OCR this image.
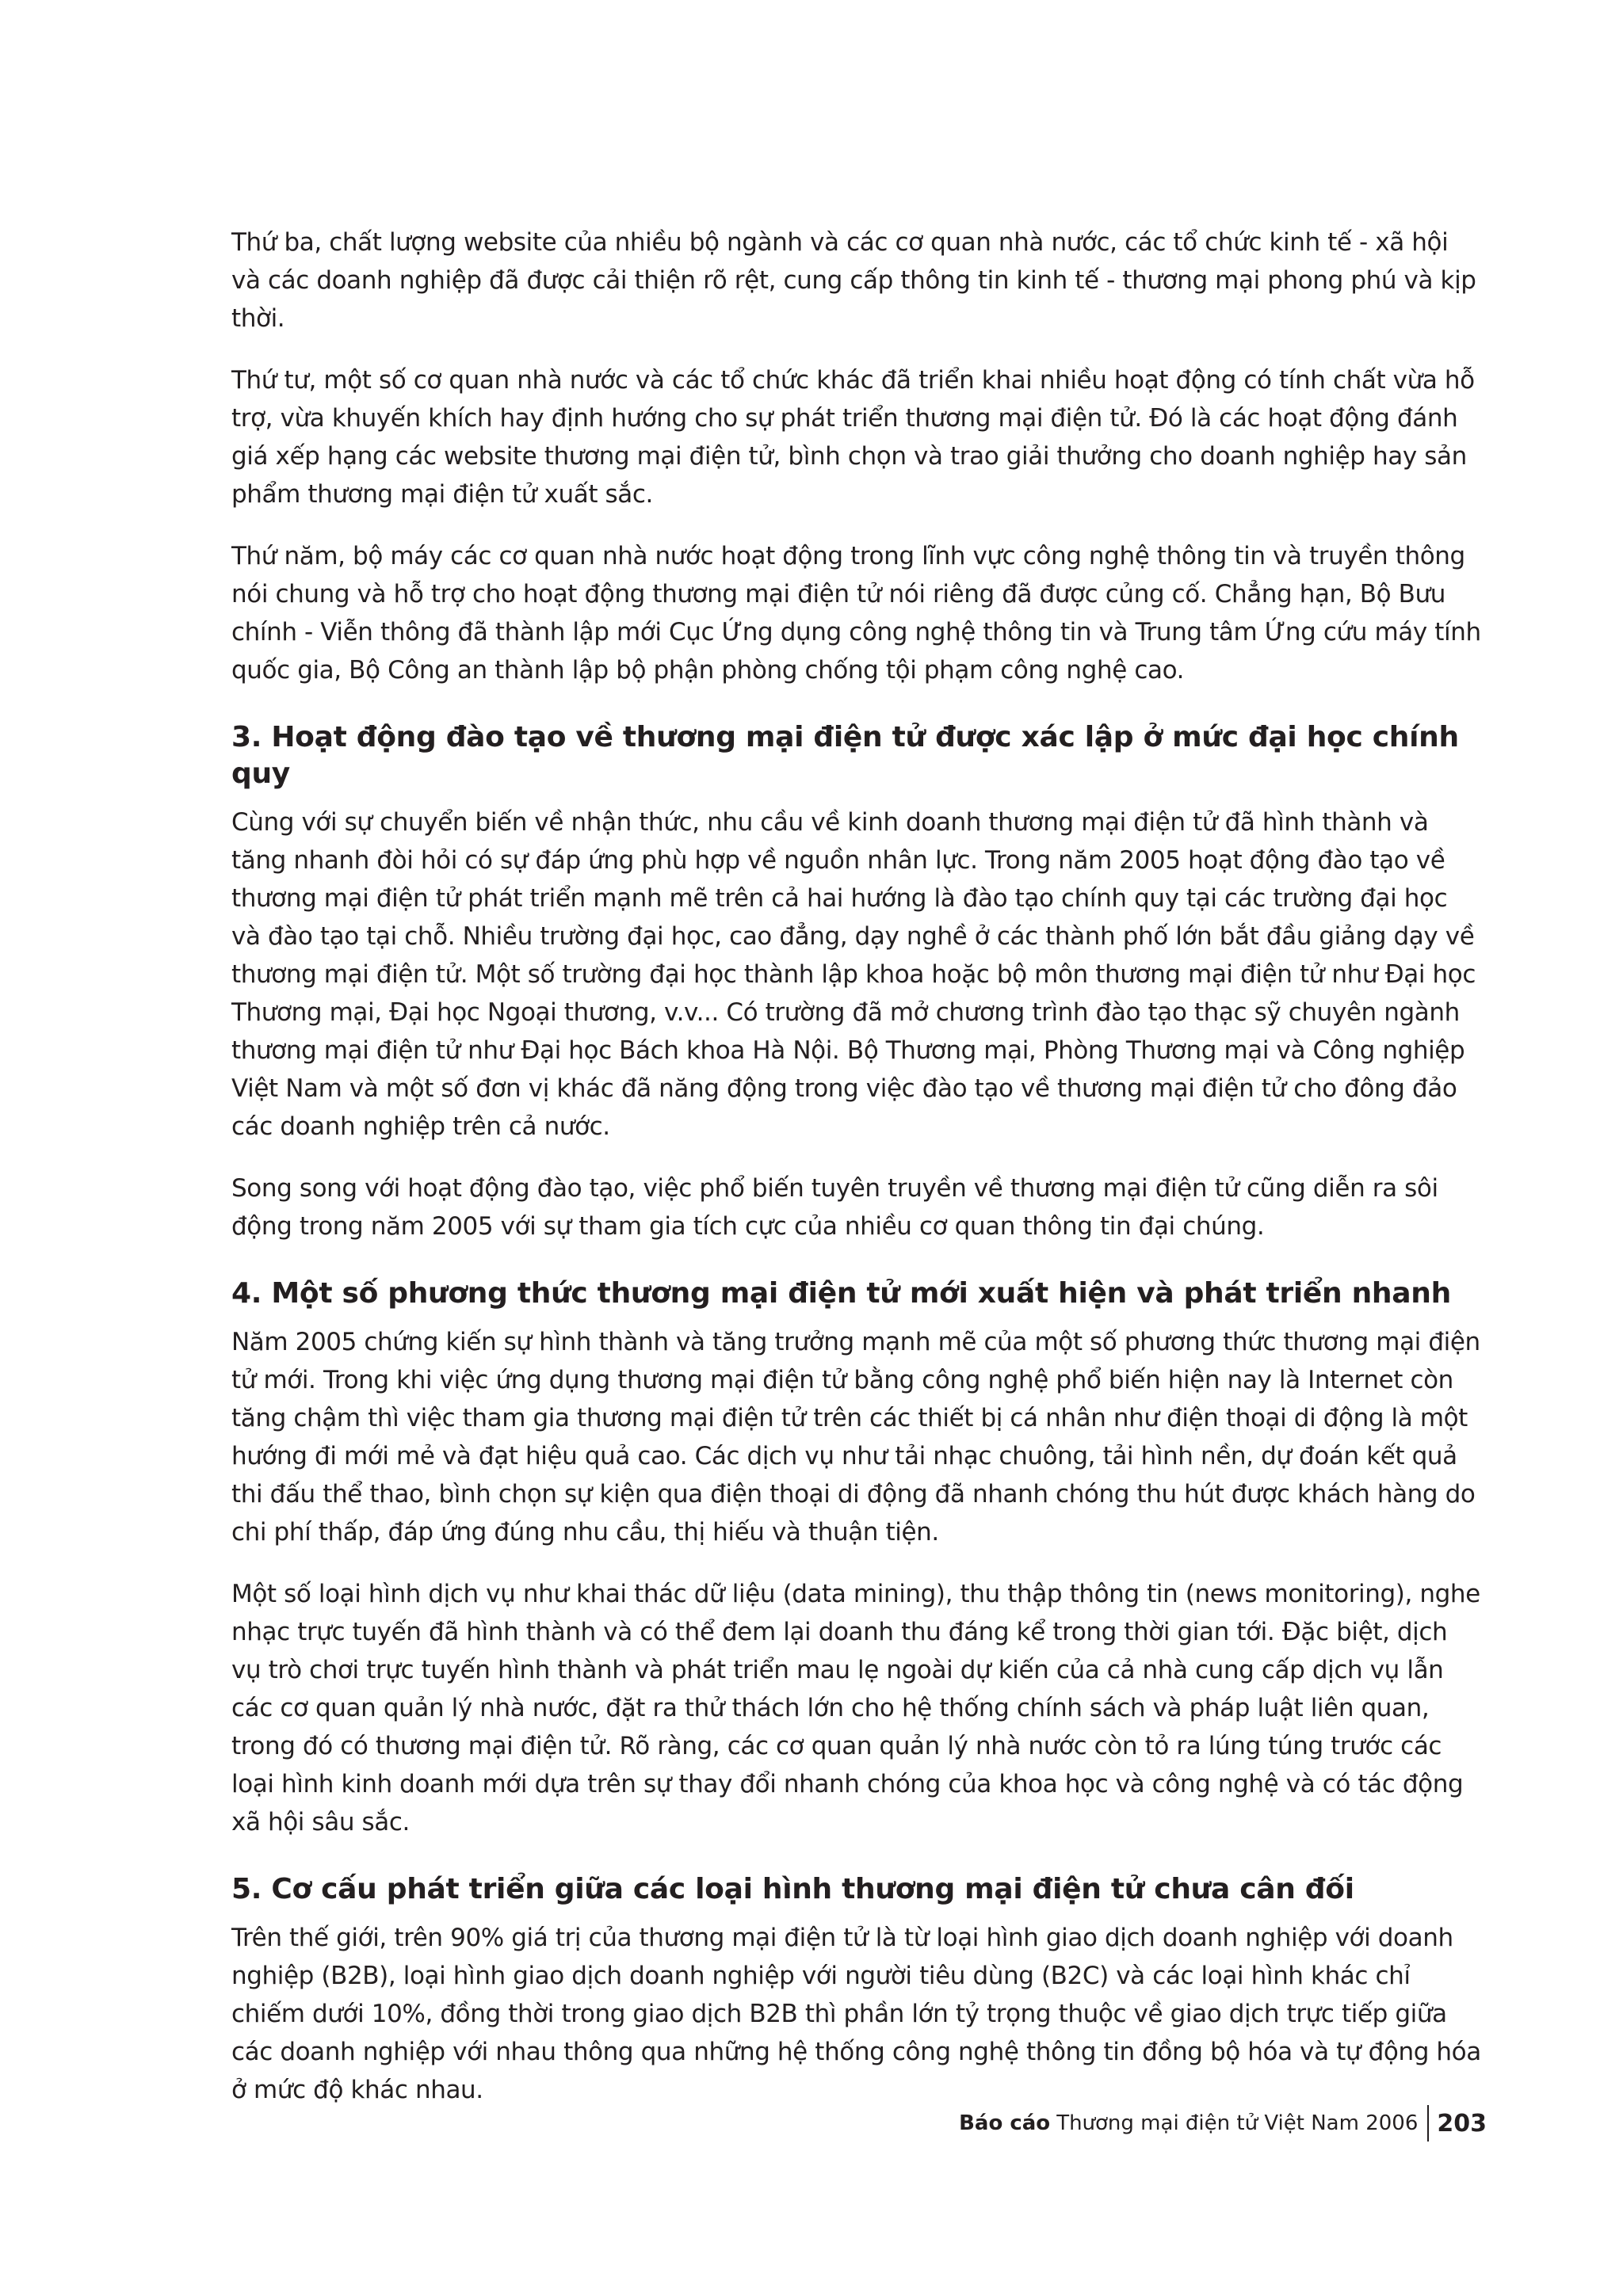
Thứ ba, chất lượng website của nhiều bộ ngành và các cơ quan nhà nước, các tổ chức kinh tế - xã hội và các doanh nghiệp đã được cải thiện rõ rệt, cung cấp thông tin kinh tế - thương mại phong phú và kịp thời.

Thứ tư, một số cơ quan nhà nước và các tổ chức khác đã triển khai nhiều hoạt động có tính chất vừa hỗ trợ, vừa khuyến khích hay định hướng cho sự phát triển thương mại điện tử. Đó là các hoạt động đánh giá xếp hạng các website thương mại điện tử, bình chọn và trao giải thưởng cho doanh nghiệp hay sản phẩm thương mại điện tử xuất sắc.

Thứ năm, bộ máy các cơ quan nhà nước hoạt động trong lĩnh vực công nghệ thông tin và truyền thông nói chung và hỗ trợ cho hoạt động thương mại điện tử nói riêng đã được củng cố. Chẳng hạn, Bộ Bưu chính - Viễn thông đã thành lập mới Cục Ứng dụng công nghệ thông tin và Trung tâm Ứng cứu máy tính quốc gia, Bộ Công an thành lập bộ phận phòng chống tội phạm công nghệ cao.

3. Hoạt động đào tạo về thương mại điện tử được xác lập ở mức đại học chính quy

Cùng với sự chuyển biến về nhận thức, nhu cầu về kinh doanh thương mại điện tử đã hình thành và tăng nhanh đòi hỏi có sự đáp ứng phù hợp về nguồn nhân lực. Trong năm 2005 hoạt động đào tạo về thương mại điện tử phát triển mạnh mẽ trên cả hai hướng là đào tạo chính quy tại các trường đại học và đào tạo tại chỗ. Nhiều trường đại học, cao đẳng, dạy nghề ở các thành phố lớn bắt đầu giảng dạy về thương mại điện tử. Một số trường đại học thành lập khoa hoặc bộ môn thương mại điện tử như Đại học Thương mại, Đại học Ngoại thương, v.v... Có trường đã mở chương trình đào tạo thạc sỹ chuyên ngành thương mại điện tử như Đại học Bách khoa Hà Nội. Bộ Thương mại, Phòng Thương mại và Công nghiệp Việt Nam và một số đơn vị khác đã năng động trong việc đào tạo về thương mại điện tử cho đông đảo các doanh nghiệp trên cả nước.

Song song với hoạt động đào tạo, việc phổ biến tuyên truyền về thương mại điện tử cũng diễn ra sôi động trong năm 2005 với sự tham gia tích cực của nhiều cơ quan thông tin đại chúng.

4. Một số phương thức thương mại điện tử mới xuất hiện và phát triển nhanh

Năm 2005 chứng kiến sự hình thành và tăng trưởng mạnh mẽ của một số phương thức thương mại điện tử mới. Trong khi việc ứng dụng thương mại điện tử bằng công nghệ phổ biến hiện nay là Internet còn tăng chậm thì việc tham gia thương mại điện tử trên các thiết bị cá nhân như điện thoại di động là một hướng đi mới mẻ và đạt hiệu quả cao. Các dịch vụ như tải nhạc chuông, tải hình nền, dự đoán kết quả thi đấu thể thao, bình chọn sự kiện qua điện thoại di động đã nhanh chóng thu hút được khách hàng do chi phí thấp, đáp ứng đúng nhu cầu, thị hiếu và thuận tiện.

Một số loại hình dịch vụ như khai thác dữ liệu (data mining), thu thập thông tin (news monitoring), nghe nhạc trực tuyến đã hình thành và có thể đem lại doanh thu đáng kể trong thời gian tới. Đặc biệt, dịch vụ trò chơi trực tuyến hình thành và phát triển mau lẹ ngoài dự kiến của cả nhà cung cấp dịch vụ lẫn các cơ quan quản lý nhà nước, đặt ra thử thách lớn cho hệ thống chính sách và pháp luật liên quan, trong đó có thương mại điện tử. Rõ ràng, các cơ quan quản lý nhà nước còn tỏ ra lúng túng trước các loại hình kinh doanh mới dựa trên sự thay đổi nhanh chóng của khoa học và công nghệ và có tác động xã hội sâu sắc.

5. Cơ cấu phát triển giữa các loại hình thương mại điện tử chưa cân đối

Trên thế giới, trên 90% giá trị của thương mại điện tử là từ loại hình giao dịch doanh nghiệp với doanh nghiệp (B2B), loại hình giao dịch doanh nghiệp với người tiêu dùng (B2C) và các loại hình khác chỉ chiếm dưới 10%, đồng thời trong giao dịch B2B thì phần lớn tỷ trọng thuộc về giao dịch trực tiếp giữa các doanh nghiệp với nhau thông qua những hệ thống công nghệ thông tin đồng bộ hóa và tự động hóa ở mức độ khác nhau.

Báo cáo Thương mại điện tử Việt Nam 2006 203
